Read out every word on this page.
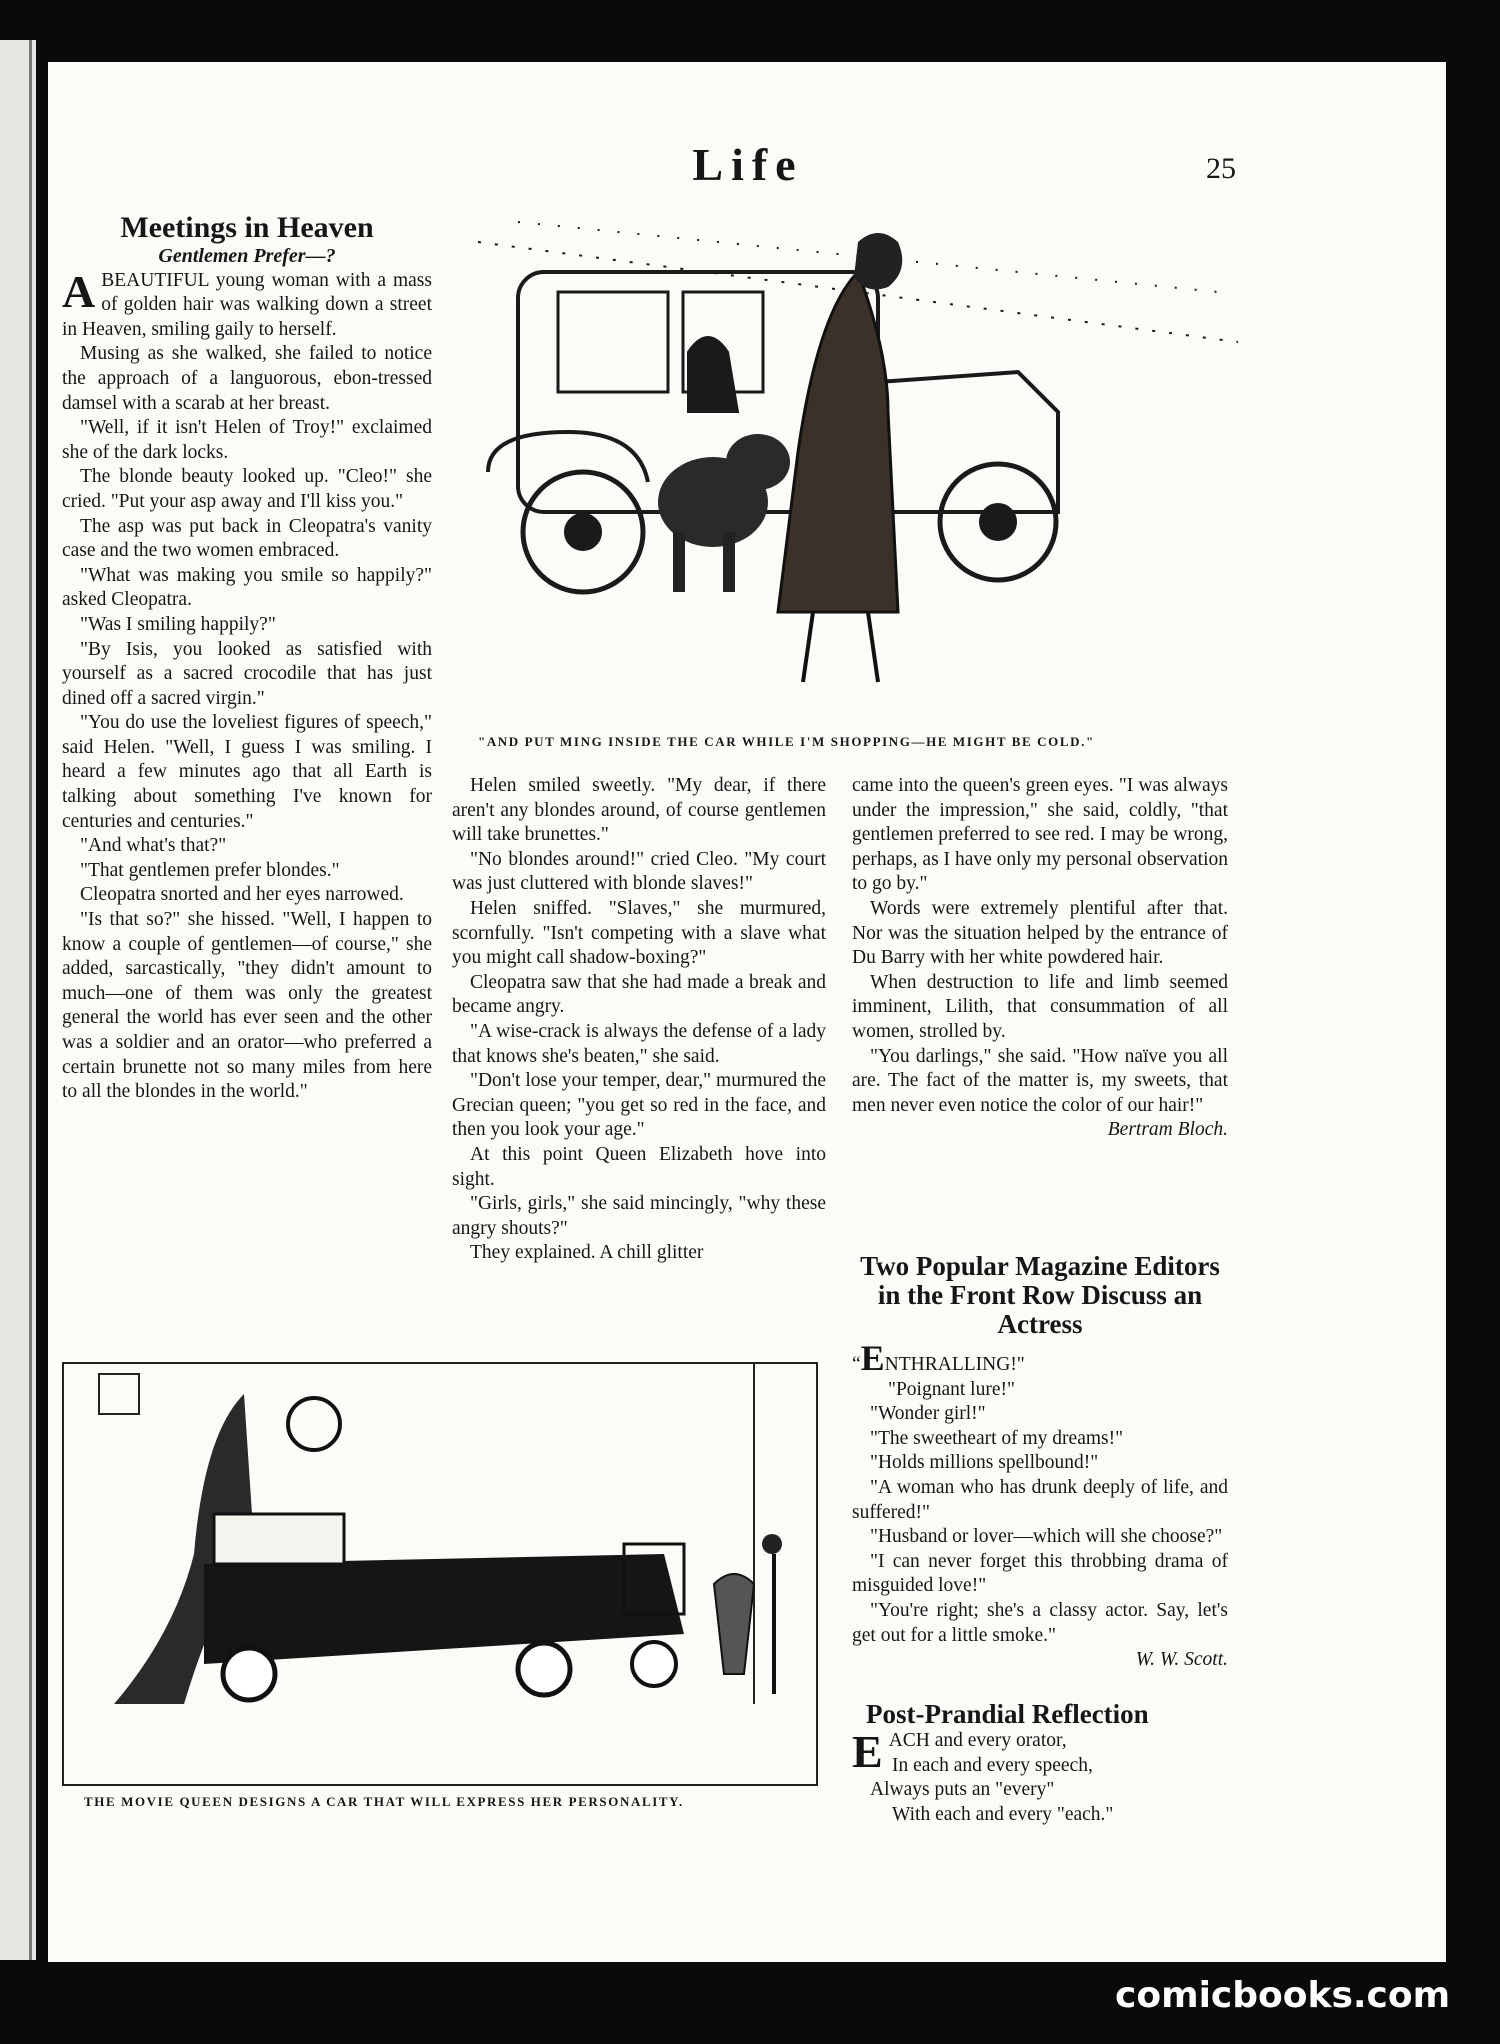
Life	25

Meetings in Heaven

Gentlemen Prefer—?

ABEAUTIFUL young woman with a mass of golden hair was walking down a street in Heaven, smiling gaily to herself.

Musing as she walked, she failed to notice the approach of a languorous, ebon-tressed damsel with a scarab at her breast.

"Well, if it isn't Helen of Troy!" exclaimed she of the dark locks.

The blonde beauty looked up. "Cleo!" she cried. "Put your asp away and I'll kiss you."

The asp was put back in Cleopatra's vanity case and the two women embraced.

"What was making you smile so happily?" asked Cleopatra.

"Was I smiling happily?"

"By Isis, you looked as satisfied with yourself as a sacred crocodile that has just dined off a sacred virgin."

"You do use the loveliest figures of speech," said Helen. "Well, I guess I was smiling. I heard a few minutes ago that all Earth is talking about something I've known for centuries and centuries."

"And what's that?"

"That gentlemen prefer blondes."

Cleopatra snorted and her eyes narrowed.

"Is that so?" she hissed. "Well, I happen to know a couple of gentlemen—of course," she added, sarcastically, "they didn't amount to much—one of them was only the greatest general the world has ever seen and the other was a soldier and an orator—who preferred a certain brunette not so many miles from here to all the blondes in the world."

"AND PUT MING INSIDE THE CAR WHILE I'M SHOPPING—HE MIGHT BE COLD."

Helen smiled sweetly. "My dear, if there aren't any blondes around, of course gentlemen will take brunettes."

"No blondes around!" cried Cleo. "My court was just cluttered with blonde slaves!"

Helen sniffed. "Slaves," she murmured, scornfully. "Isn't competing with a slave what you might call shadow-boxing?"

Cleopatra saw that she had made a break and became angry.

"A wise-crack is always the defense of a lady that knows she's beaten," she said.

"Don't lose your temper, dear," murmured the Grecian queen; "you get so red in the face, and then you look your age."

At this point Queen Elizabeth hove into sight.

"Girls, girls," she said mincingly, "why these angry shouts?"

They explained. A chill glitter

came into the queen's green eyes. "I was always under the impression," she said, coldly, "that gentlemen preferred to see red. I may be wrong, perhaps, as I have only my personal observation to go by."

Words were extremely plentiful after that. Nor was the situation helped by the entrance of Du Barry with her white powdered hair.

When destruction to life and limb seemed imminent, Lilith, that consummation of all women, strolled by.

"You darlings," she said. "How naïve you all are. The fact of the matter is, my sweets, that men never even notice the color of our hair!"

Bertram Bloch.

Two Popular Magazine Editors in the Front Row Discuss an Actress

“ENTHRALLING!"

"Poignant lure!"

"Wonder girl!"

"The sweetheart of my dreams!"

"Holds millions spellbound!"

"A woman who has drunk deeply of life, and suffered!"

"Husband or lover—which will she choose?"

"I can never forget this throbbing drama of misguided love!"

"You're right; she's a classy actor. Say, let's get out for a little smoke."

W. W. Scott.

Post-Prandial Reflection

EACH and every orator,

In each and every speech,

Always puts an "every"

With each and every "each."

THE MOVIE QUEEN DESIGNS A CAR THAT WILL EXPRESS HER PERSONALITY.
comicbooks.com
